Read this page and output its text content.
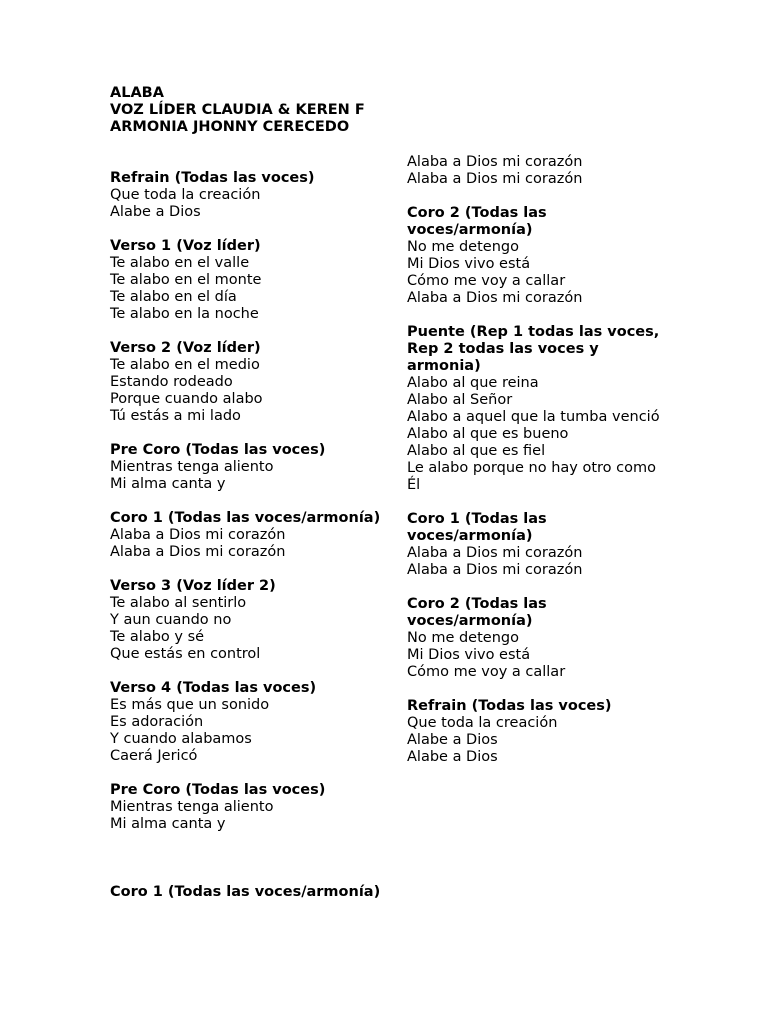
ALABA
VOZ LÍDER CLAUDIA & KEREN F
ARMONIA JHONNY CERECEDO
Refrain (Todas las voces)
Que toda la creación
Alabe a Dios
Verso 1 (Voz líder)
Te alabo en el valle
Te alabo en el monte
Te alabo en el día
Te alabo en la noche
Verso 2 (Voz líder)
Te alabo en el medio
Estando rodeado
Porque cuando alabo
Tú estás a mi lado
Pre Coro (Todas las voces)
Mientras tenga aliento
Mi alma canta y
Coro 1 (Todas las voces/armonía)
Alaba a Dios mi corazón
Alaba a Dios mi corazón
Verso 3 (Voz líder 2)
Te alabo al sentirlo
Y aun cuando no
Te alabo y sé
Que estás en control
Verso 4 (Todas las voces)
Es más que un sonido
Es adoración
Y cuando alabamos
Caerá Jericó
Pre Coro (Todas las voces)
Mientras tenga aliento
Mi alma canta y
Coro 1 (Todas las voces/armonía)
Alaba a Dios mi corazón
Alaba a Dios mi corazón
Coro 2 (Todas las voces/armonía)
No me detengo
Mi Dios vivo está
Cómo me voy a callar
Alaba a Dios mi corazón
Puente (Rep 1 todas las voces, Rep 2 todas las voces y armonia)
Alabo al que reina
Alabo al Señor
Alabo a aquel que la tumba venció
Alabo al que es bueno
Alabo al que es fiel
Le alabo porque no hay otro como Él
Coro 1 (Todas las voces/armonía)
Alaba a Dios mi corazón
Alaba a Dios mi corazón
Coro 2 (Todas las voces/armonía)
No me detengo
Mi Dios vivo está
Cómo me voy a callar
Refrain (Todas las voces)
Que toda la creación
Alabe a Dios
Alabe a Dios
